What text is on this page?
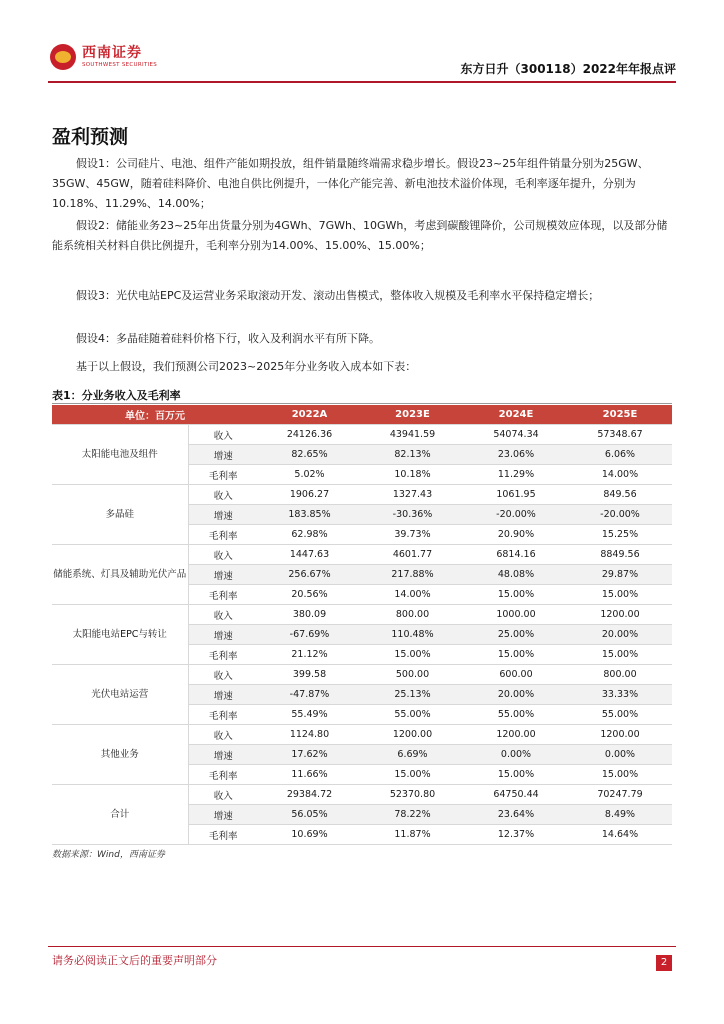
西南证券
SOUTHWEST SECURITIES	东方日升（300118）2022年年报点评
盈利预测
假设1：公司硅片、电池、组件产能如期投放，组件销量随终端需求稳步增长。假设23~25年组件销量分别为25GW、35GW、45GW，随着硅料降价、电池自供比例提升，一体化产能完善、新电池技术溢价体现，毛利率逐年提升，分别为10.18%、11.29%、14.00%；
假设2：储能业务23~25年出货量分别为4GWh、7GWh、10GWh，考虑到碳酸锂降价，公司规模效应体现，以及部分储能系统相关材料自供比例提升，毛利率分别为14.00%、15.00%、15.00%；
假设3：光伏电站EPC及运营业务采取滚动开发、滚动出售模式，整体收入规模及毛利率水平保持稳定增长；
假设4：多晶硅随着硅料价格下行，收入及利润水平有所下降。
基于以上假设，我们预测公司2023~2025年分业务收入成本如下表：
表1：分业务收入及毛利率
单位：百万元		2022A	2023E	2024E	2025E
太阳能电池及组件	收入	24126.36	43941.59	54074.34	57348.67
	增速	82.65%	82.13%	23.06%	6.06%
	毛利率	5.02%	10.18%	11.29%	14.00%
多晶硅	收入	1906.27	1327.43	1061.95	849.56
	增速	183.85%	-30.36%	-20.00%	-20.00%
	毛利率	62.98%	39.73%	20.90%	15.25%
储能系统、灯具及辅助光伏产品	收入	1447.63	4601.77	6814.16	8849.56
	增速	256.67%	217.88%	48.08%	29.87%
	毛利率	20.56%	14.00%	15.00%	15.00%
太阳能电站EPC与转让	收入	380.09	800.00	1000.00	1200.00
	增速	-67.69%	110.48%	25.00%	20.00%
	毛利率	21.12%	15.00%	15.00%	15.00%
光伏电站运营	收入	399.58	500.00	600.00	800.00
	增速	-47.87%	25.13%	20.00%	33.33%
	毛利率	55.49%	55.00%	55.00%	55.00%
其他业务	收入	1124.80	1200.00	1200.00	1200.00
	增速	17.62%	6.69%	0.00%	0.00%
	毛利率	11.66%	15.00%	15.00%	15.00%
合计	收入	29384.72	52370.80	64750.44	70247.79
	增速	56.05%	78.22%	23.64%	8.49%
	毛利率	10.69%	11.87%	12.37%	14.64%
数据来源：Wind，西南证券
请务必阅读正文后的重要声明部分	2
